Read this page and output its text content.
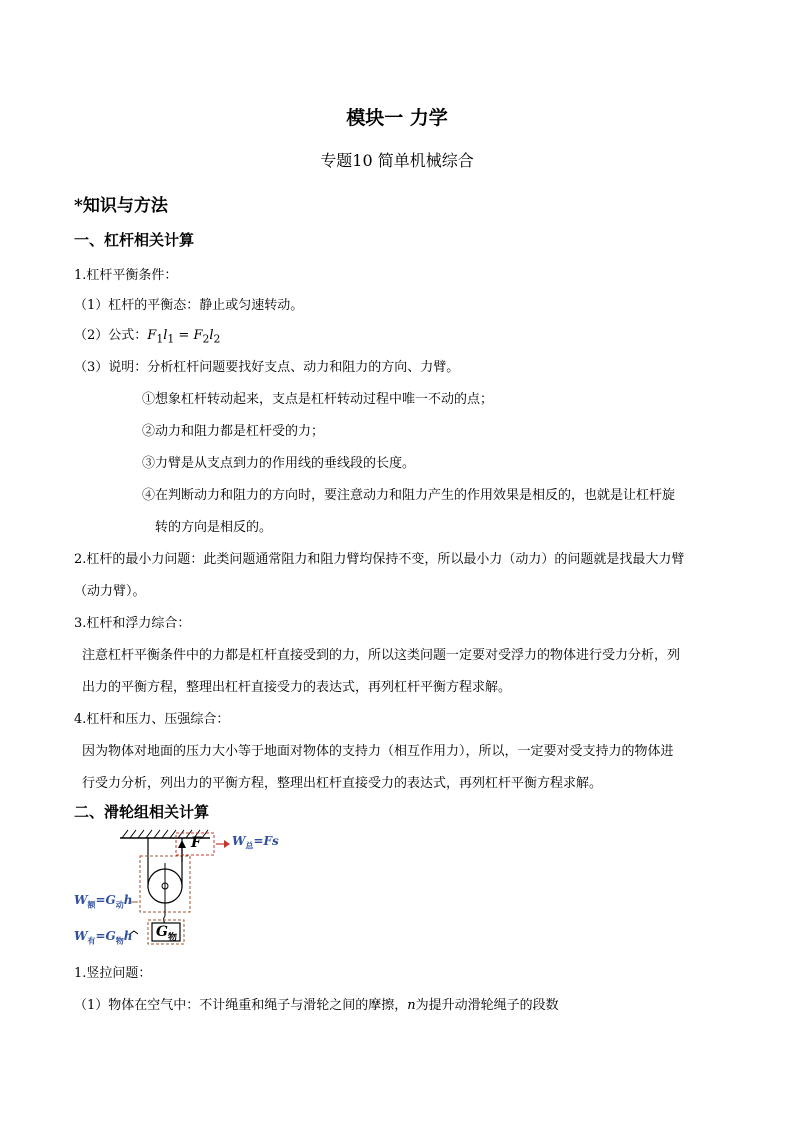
模块一 力学
专题10 简单机械综合
*知识与方法
一、杠杆相关计算
1.杠杆平衡条件：
（1）杠杆的平衡态：静止或匀速转动。
（2）公式：$F_1l_1 = F_2l_2$
（3）说明：分析杠杆问题要找好支点、动力和阻力的方向、力臂。
①想象杠杆转动起来，支点是杠杆转动过程中唯一不动的点；
②动力和阻力都是杠杆受的力；
③力臂是从支点到力的作用线的垂线段的长度。
④在判断动力和阻力的方向时，要注意动力和阻力产生的作用效果是相反的，也就是让杠杆旋
转的方向是相反的。
2.杠杆的最小力问题：此类问题通常阻力和阻力臂均保持不变，所以最小力（动力）的问题就是找最大力臂
（动力臂）。
3.杠杆和浮力综合：
注意杠杆平衡条件中的力都是杠杆直接受到的力，所以这类问题一定要对受浮力的物体进行受力分析，列
出力的平衡方程，整理出杠杆直接受力的表达式，再列杠杆平衡方程求解。
4.杠杆和压力、压强综合：
因为物体对地面的压力大小等于地面对物体的支持力（相互作用力），所以，一定要对受支持力的物体进
行受力分析，列出力的平衡方程，整理出杠杆直接受力的表达式，再列杠杆平衡方程求解。
二、滑轮组相关计算
F	$W_总=Fs$
$W_额=G_动h$
$W_有=G_物h$ $G_物$
1.竖拉问题：
（1）物体在空气中：不计绳重和绳子与滑轮之间的摩擦，n为提升动滑轮绳子的段数
